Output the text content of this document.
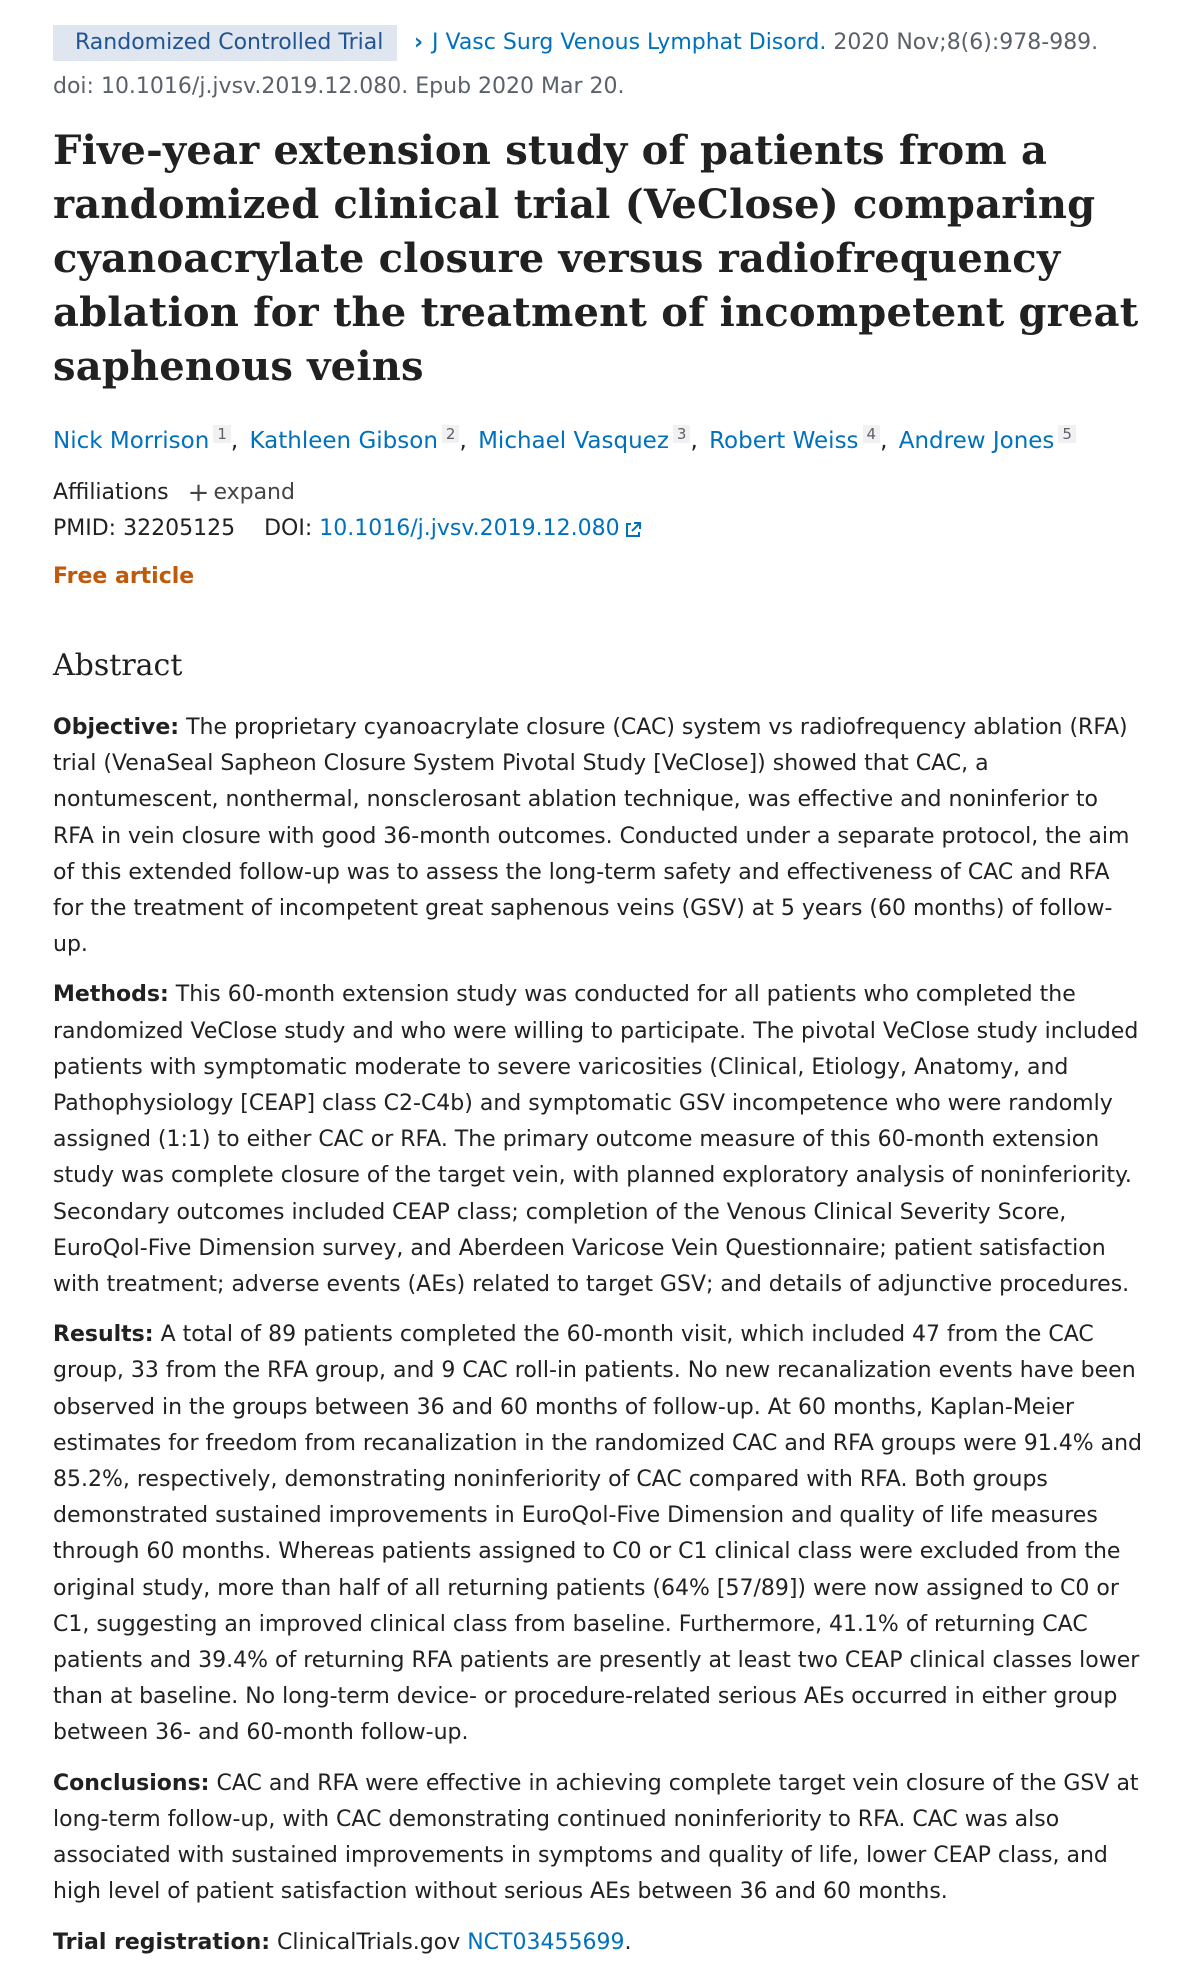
Randomized Controlled Trial	› J Vasc Surg Venous Lymphat Disord. 2020 Nov;8(6):978-989.
doi: 10.1016/j.jvsv.2019.12.080. Epub 2020 Mar 20.
Five-year extension study of patients from a randomized clinical trial (VeClose) comparing cyanoacrylate closure versus radiofrequency ablation for the treatment of incompetent great saphenous veins
Nick Morrison $^1$ , Kathleen Gibson $^2$ , Michael Vasquez $^3$ , Robert Weiss $^4$ , Andrew Jones $^5$
Affiliations + expand
PMID: 32205125 DOI: 10.1016/j.jvsv.2019.12.080
Free article
Abstract

Objective: The proprietary cyanoacrylate closure (CAC) system vs radiofrequency ablation (RFA) trial (VenaSeal Sapheon Closure System Pivotal Study [VeClose]) showed that CAC, a nontumescent, nonthermal, nonsclerosant ablation technique, was effective and noninferior to RFA in vein closure with good 36-month outcomes. Conducted under a separate protocol, the aim of this extended follow-up was to assess the long-term safety and effectiveness of CAC and RFA for the treatment of incompetent great saphenous veins (GSV) at 5 years (60 months) of follow-up.

Methods: This 60-month extension study was conducted for all patients who completed the randomized VeClose study and who were willing to participate. The pivotal VeClose study included patients with symptomatic moderate to severe varicosities (Clinical, Etiology, Anatomy, and Pathophysiology [CEAP] class C2-C4b) and symptomatic GSV incompetence who were randomly assigned (1:1) to either CAC or RFA. The primary outcome measure of this 60-month extension study was complete closure of the target vein, with planned exploratory analysis of noninferiority. Secondary outcomes included CEAP class; completion of the Venous Clinical Severity Score, EuroQol-Five Dimension survey, and Aberdeen Varicose Vein Questionnaire; patient satisfaction with treatment; adverse events (AEs) related to target GSV; and details of adjunctive procedures.

Results: A total of 89 patients completed the 60-month visit, which included 47 from the CAC group, 33 from the RFA group, and 9 CAC roll-in patients. No new recanalization events have been observed in the groups between 36 and 60 months of follow-up. At 60 months, Kaplan-Meier estimates for freedom from recanalization in the randomized CAC and RFA groups were 91.4% and 85.2%, respectively, demonstrating noninferiority of CAC compared with RFA. Both groups demonstrated sustained improvements in EuroQol-Five Dimension and quality of life measures through 60 months. Whereas patients assigned to C0 or C1 clinical class were excluded from the original study, more than half of all returning patients (64% [57/89]) were now assigned to C0 or C1, suggesting an improved clinical class from baseline. Furthermore, 41.1% of returning CAC patients and 39.4% of returning RFA patients are presently at least two CEAP clinical classes lower than at baseline. No long-term device- or procedure-related serious AEs occurred in either group between 36- and 60-month follow-up.

Conclusions: CAC and RFA were effective in achieving complete target vein closure of the GSV at long-term follow-up, with CAC demonstrating continued noninferiority to RFA. CAC was also associated with sustained improvements in symptoms and quality of life, lower CEAP class, and high level of patient satisfaction without serious AEs between 36 and 60 months.

Trial registration: ClinicalTrials.gov NCT03455699.
